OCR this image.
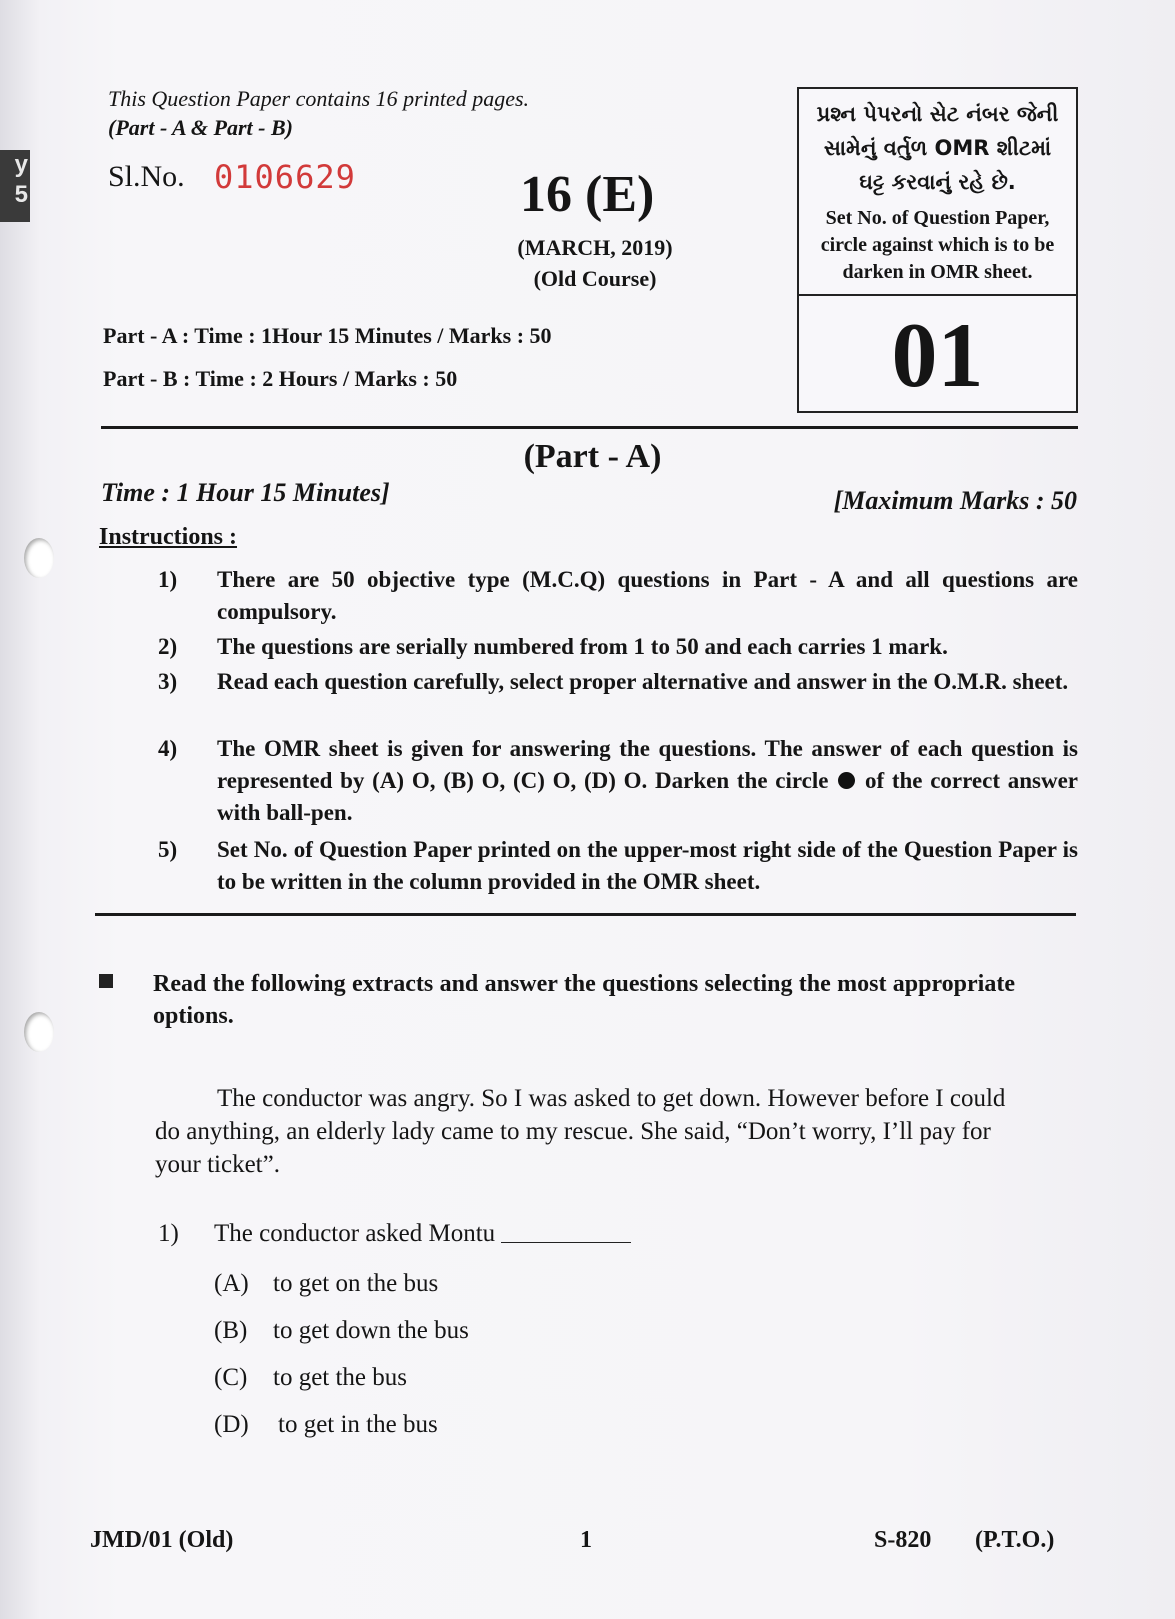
y
5
This Question Paper contains 16 printed pages.
(Part - A & Part - B)
Sl.No. 0106629	16 (E)
(MARCH, 2019)
(Old Course)
Part - A : Time : 1Hour 15 Minutes / Marks : 50
Part - B : Time : 2 Hours / Marks : 50
પ્રશ્ન પેપરનો સેટ નંબર જેની
સામેનું વર્તુળ OMR શીટમાં
ઘટ્ટ કરવાનું રહે છે.
Set No. of Question Paper,
circle against which is to be
darken in OMR sheet.
01
(Part - A)
Time : 1 Hour 15 Minutes]	[Maximum Marks : 50
Instructions :
1) There are 50 objective type (M.C.Q) questions in Part - A and all questions are compulsory.
2) The questions are serially numbered from 1 to 50 and each carries 1 mark.
3) Read each question carefully, select proper alternative and answer in the O.M.R. sheet.
4) The OMR sheet is given for answering the questions. The answer of each question is represented by (A) O, (B) O, (C) O, (D) O. Darken the circle of the correct answer with ball-pen.
5) Set No. of Question Paper printed on the upper-most right side of the Question Paper is to be written in the column provided in the OMR sheet.
Read the following extracts and answer the questions selecting the most appropriate options.
The conductor was angry. So I was asked to get down. However before I could do anything, an elderly lady came to my rescue. She said, “Don’t worry, I’ll pay for your ticket”.
1) The conductor asked Montu
(A) to get on the bus
(B) to get down the bus
(C) to get the bus
(D) to get in the bus
JMD/01 (Old)	1	S-820 (P.T.O.)
